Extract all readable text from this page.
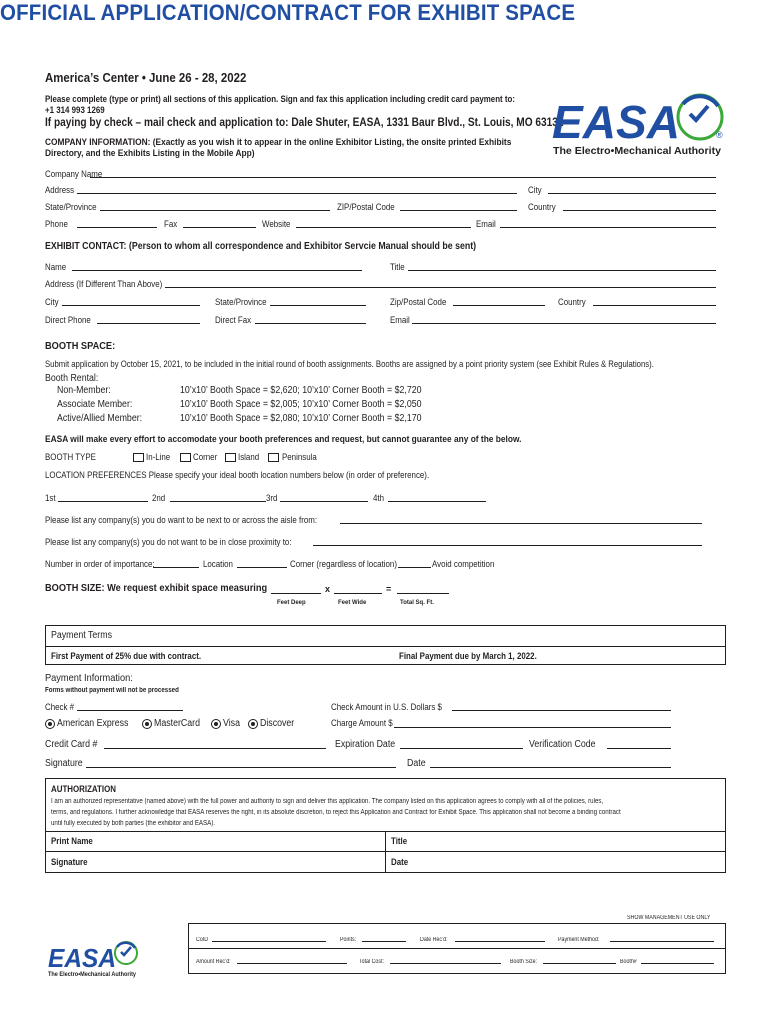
OFFICIAL APPLICATION/CONTRACT FOR EXHIBIT SPACE
America’s Center • June 26 - 28, 2022
Please complete (type or print) all sections of this application. Sign and fax this application including credit card payment to:
+1 314 993 1269
If paying by check – mail check and application to: Dale Shuter, EASA, 1331 Baur Blvd., St. Louis, MO 63132
COMPANY INFORMATION: (Exactly as you wish it to appear in the online Exhibitor Listing, the onsite printed Exhibits
Directory, and the Exhibits Listing in the Mobile App)
EASA	®
The Electro•Mechanical Authority
Company Name
Address	City
State/Province	ZIP/Postal Code	Country
Phone	Fax	Website	Email
EXHIBIT CONTACT: (Person to whom all correspondence and Exhibitor Servcie Manual should be sent)
Name	Title
Address (If Different Than Above)
City	State/Province	Zip/Postal Code	Country
Direct Phone	Direct Fax	Email
BOOTH SPACE:
Submit application by October 15, 2021, to be included in the initial round of booth assignments. Booths are assigned by a point priority system (see Exhibit Rules & Regulations).
Booth Rental:
Non-Member:	10’x10’ Booth Space = $2,620; 10’x10’ Corner Booth = $2,720
Associate Member:	10’x10’ Booth Space = $2,005; 10’x10’ Corner Booth = $2,050
Active/Allied Member:	10’x10’ Booth Space = $2,080; 10’x10’ Corner Booth = $2,170
EASA will make every effort to accomodate your booth preferences and request, but cannot guarantee any of the below.
BOOTH TYPE	In-Line	Corner Island	Peninsula
LOCATION PREFERENCES Please specify your ideal booth location numbers below (in order of preference).
1st	2nd	3rd	4th
Please list any company(s) you do want to be next to or across the aisle from:
Please list any company(s) you do not want to be in close proximity to:
Number in order of importance:	Location	Corner (regardless of location)	Avoid competition
BOOTH SIZE: We request exhibit space measuring	x	=
Feet Deep	Feet Wide	Total Sq. Ft.
Payment Terms
First Payment of 25% due with contract.	Final Payment due by March 1, 2022.
Payment Information:
Forms without payment will not be processed
Check #	Check Amount in U.S. Dollars $
American Express	MasterCard Visa Discover	Charge Amount $
Credit Card #	Expiration Date	Verification Code
Signature	Date
AUTHORIZATION
I am an authorized representative (named above) with the full power and authority to sign and deliver this application. The company listed on this application agrees to comply with all of the policies, rules,
terms, and regulations. I further acknowledge that EASA reserves the right, in its absolute discretion, to reject this Application and Contract for Exhibit Space. This application shall not become a binding contract
until fully executed by both parties (the exhibitor and EASA).
Print Name	Title
Signature	Date
SHOW MANAGEMENT USE ONLY
CoID	Points:	Date Rec’d:	Payment Method:
Amount Rec’d:	Total Cost:	Booth Size:	Booth#
EASA
The Electro•Mechanical Authority
